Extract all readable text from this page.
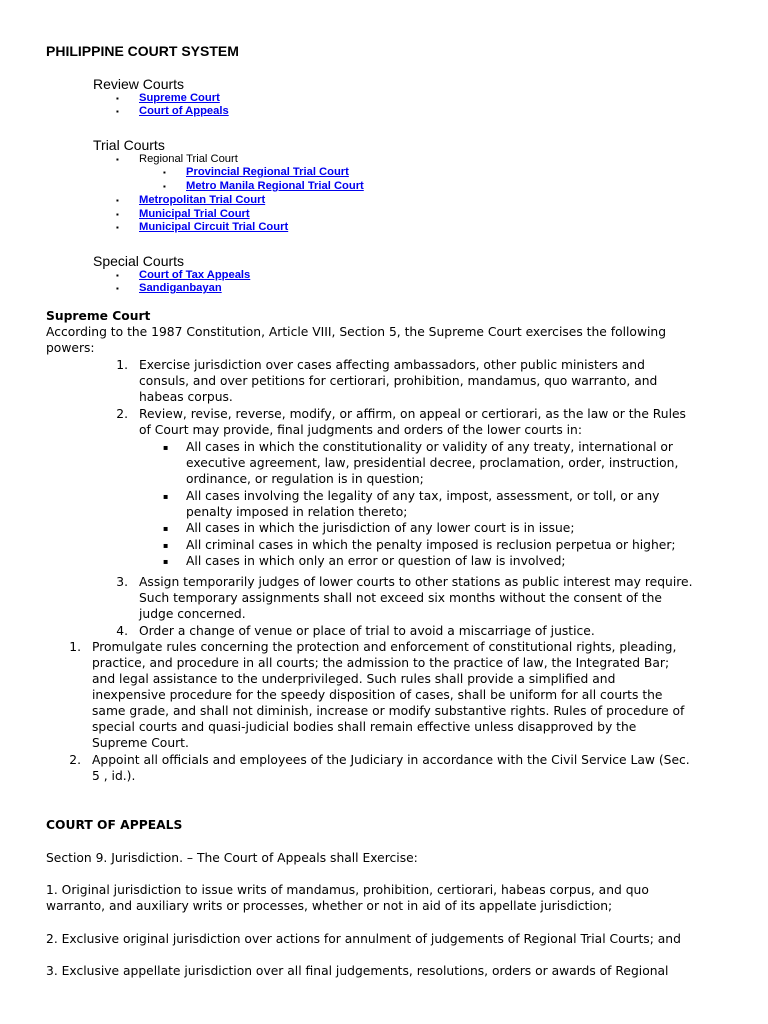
PHILIPPINE COURT SYSTEM
Review Courts
▪ Supreme Court
▪ Court of Appeals
Trial Courts
▪ Regional Trial Court
▪ Provincial Regional Trial Court
▪ Metro Manila Regional Trial Court
▪ Metropolitan Trial Court
▪ Municipal Trial Court
▪ Municipal Circuit Trial Court
Special Courts
▪ Court of Tax Appeals
▪ Sandiganbayan
Supreme Court
According to the 1987 Constitution, Article VIII, Section 5, the Supreme Court exercises the following
powers:
1. Exercise jurisdiction over cases affecting ambassadors, other public ministers and
consuls, and over petitions for certiorari, prohibition, mandamus, quo warranto, and
habeas corpus.
2. Review, revise, reverse, modify, or affirm, on appeal or certiorari, as the law or the Rules
of Court may provide, final judgments and orders of the lower courts in:
▪ All cases in which the constitutionality or validity of any treaty, international or
executive agreement, law, presidential decree, proclamation, order, instruction,
ordinance, or regulation is in question;
▪ All cases involving the legality of any tax, impost, assessment, or toll, or any
penalty imposed in relation thereto;
▪ All cases in which the jurisdiction of any lower court is in issue;
▪ All criminal cases in which the penalty imposed is reclusion perpetua or higher;
▪ All cases in which only an error or question of law is involved;
3. Assign temporarily judges of lower courts to other stations as public interest may require.
Such temporary assignments shall not exceed six months without the consent of the
judge concerned.
4. Order a change of venue or place of trial to avoid a miscarriage of justice.
1. Promulgate rules concerning the protection and enforcement of constitutional rights, pleading,
practice, and procedure in all courts; the admission to the practice of law, the Integrated Bar;
and legal assistance to the underprivileged. Such rules shall provide a simplified and
inexpensive procedure for the speedy disposition of cases, shall be uniform for all courts the
same grade, and shall not diminish, increase or modify substantive rights. Rules of procedure of
special courts and quasi-judicial bodies shall remain effective unless disapproved by the
Supreme Court.
2. Appoint all officials and employees of the Judiciary in accordance with the Civil Service Law (Sec.
5 , id.).
COURT OF APPEALS
Section 9. Jurisdiction. – The Court of Appeals shall Exercise:
1. Original jurisdiction to issue writs of mandamus, prohibition, certiorari, habeas corpus, and quo
warranto, and auxiliary writs or processes, whether or not in aid of its appellate jurisdiction;
2. Exclusive original jurisdiction over actions for annulment of judgements of Regional Trial Courts; and
3. Exclusive appellate jurisdiction over all final judgements, resolutions, orders or awards of Regional
